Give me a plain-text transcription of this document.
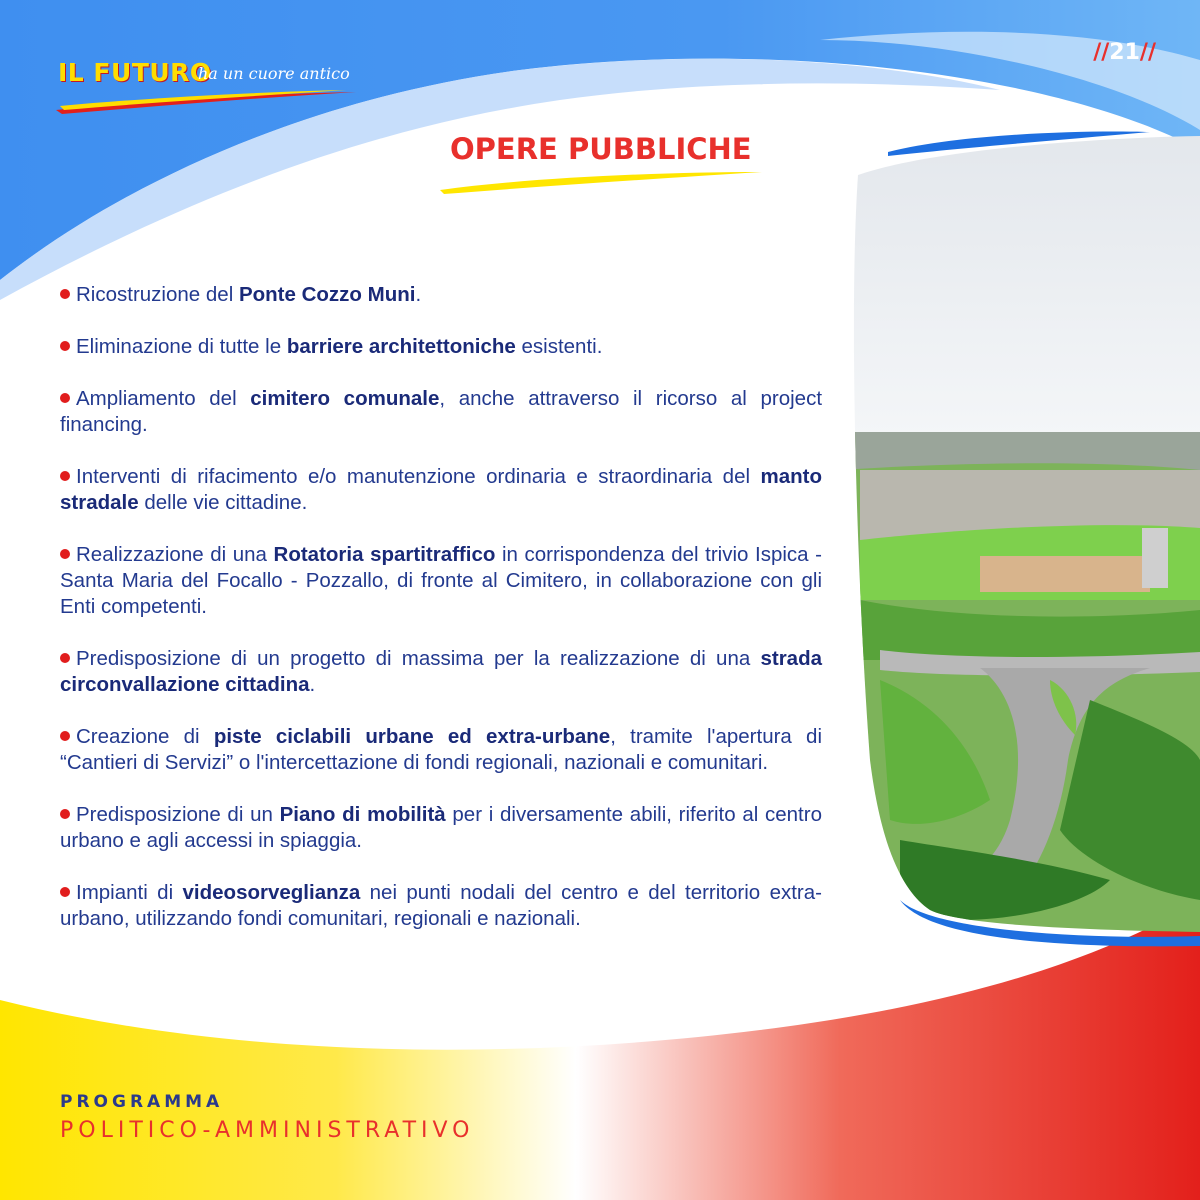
IL FUTURO
ha un cuore antico
//21//
OPERE PUBBLICHE

Ricostruzione del Ponte Cozzo Muni.

Eliminazione di tutte le barriere architettoniche esistenti.

Ampliamento del cimitero comunale, anche attraverso il ricorso al project financing.

Interventi di rifacimento e/o manutenzione ordinaria e straordinaria del manto stradale delle vie cittadine.

Realizzazione di una Rotatoria spartitraffico in corrispondenza del trivio Ispica - Santa Maria del Focallo - Pozzallo, di fronte al Cimitero, in collaborazione con gli Enti competenti.

Predisposizione di un progetto di massima per la realizzazione di una strada circonvallazione cittadina.

Creazione di piste ciclabili urbane ed extra-urbane, tramite l'apertura di “Cantieri di Servizi” o l'intercettazione di fondi regionali, nazionali e comunitari.

Predisposizione di un Piano di mobilità per i diversamente abili, riferito al centro urbano e agli accessi in spiaggia.

Impianti di videosorveglianza nei punti nodali del centro e del territorio extra-urbano, utilizzando fondi comunitari, regionali e nazionali.

PROGRAMMA
POLITICO-AMMINISTRATIVO
